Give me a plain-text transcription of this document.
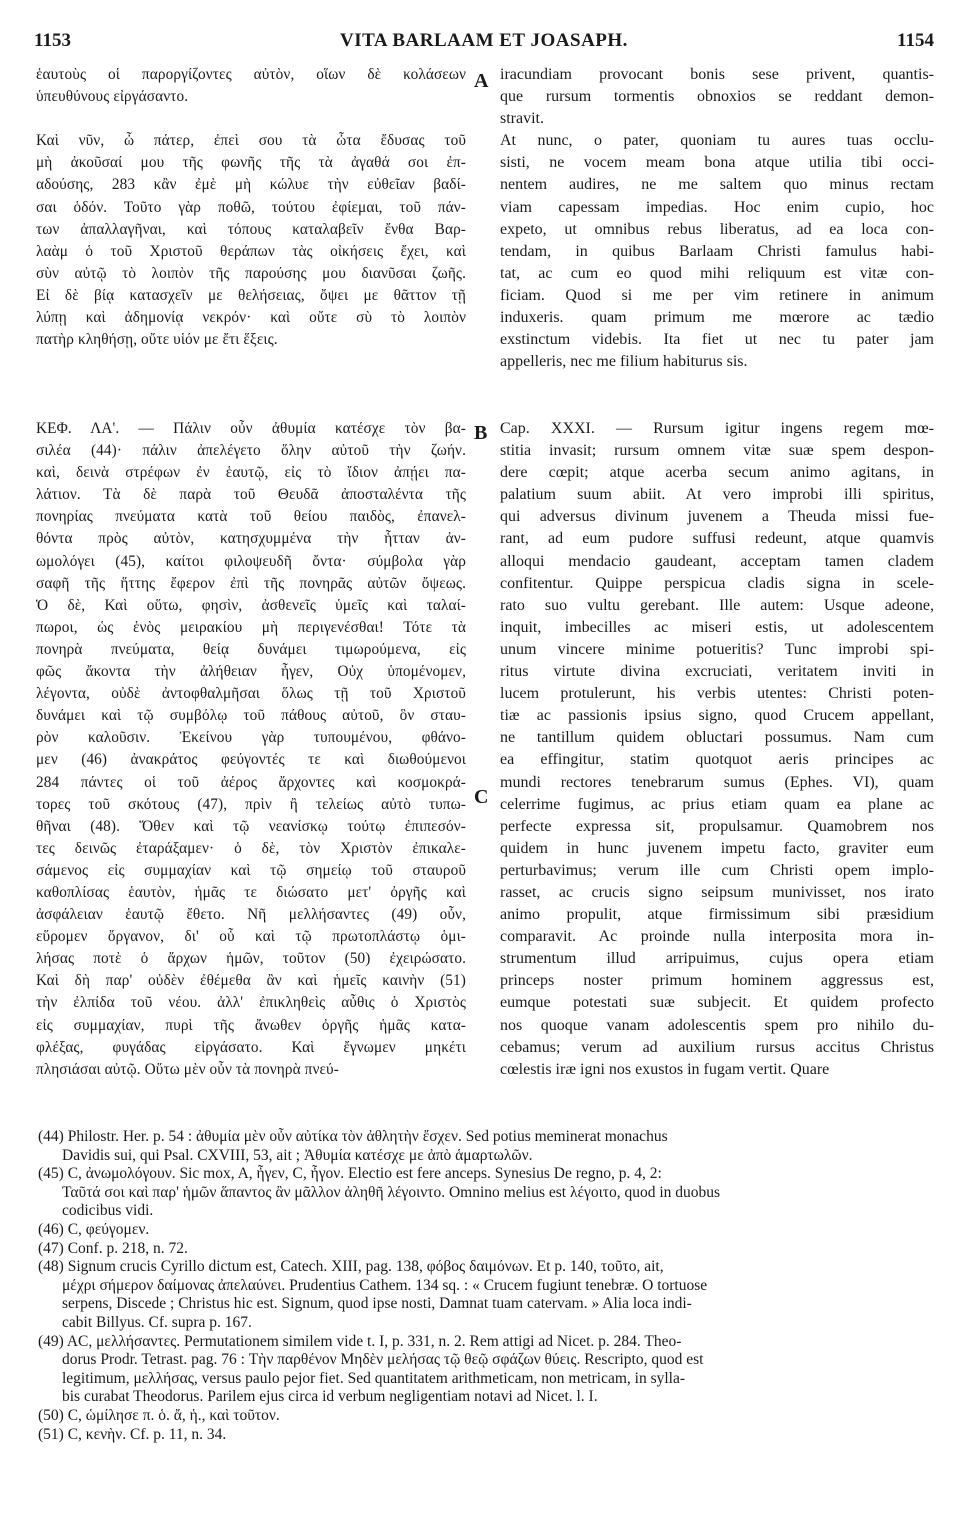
1153	VITA BARLAAM ET JOASAPH.	1154
A
B
C
ἑαυτοὺς οἱ παροργίζοντες αὐτὸν, οἵων δὲ κολάσεων
ὑπευθύνους εἰργάσαντο.
Καὶ νῦν, ὦ πάτερ, ἐπεὶ σου τὰ ὦτα ἔδυσας τοῦ
μὴ ἀκοῦσαί μου τῆς φωνῆς τῆς τὰ ἀγαθά σοι ἐπ-
αδούσης, 283 κἂν ἐμὲ μὴ κώλυε τὴν εὐθεῖαν βαδί-
σαι ὁδόν. Τοῦτο γὰρ ποθῶ, τούτου ἐφίεμαι, τοῦ πάν-
των ἀπαλλαγῆναι, καὶ τόπους καταλαβεῖν ἔνθα Βαρ-
λαὰμ ὁ τοῦ Χριστοῦ θεράπων τὰς οἰκήσεις ἔχει, καὶ
σὺν αὐτῷ τὸ λοιπὸν τῆς παρούσης μου διανῦσαι ζωῆς.
Εἰ δὲ βίᾳ κατασχεῖν με θελήσειας, ὄψει με θᾶττον τῇ
λύπῃ καὶ ἀδημονίᾳ νεκρόν· καὶ οὔτε σὺ τὸ λοιπὸν
πατὴρ κληθήσῃ, οὔτε υἱόν με ἔτι ἕξεις.
iracundiam provocant bonis sese privent, quantis-
que rursum tormentis obnoxios se reddant demon-
stravit.
At nunc, o pater, quoniam tu aures tuas occlu-
sisti, ne vocem meam bona atque utilia tibi occi-
nentem audires, ne me saltem quo minus rectam
viam capessam impedias. Hoc enim cupio, hoc
expeto, ut omnibus rebus liberatus, ad ea loca con-
tendam, in quibus Barlaam Christi famulus habi-
tat, ac cum eo quod mihi reliquum est vitæ con-
ficiam. Quod si me per vim retinere in animum
induxeris. quam primum me mœrore ac tædio
exstinctum videbis. Ita fiet ut nec tu pater jam
appelleris, nec me filium habiturus sis.
ΚΕΦ. ΛΑ'. — Πάλιν οὖν ἀθυμία κατέσχε τὸν βα-
σιλέα (44)· πάλιν ἀπελέγετο ὅλην αὐτοῦ τὴν ζωήν.
καὶ, δεινὰ στρέφων ἐν ἑαυτῷ, εἰς τὸ ἴδιον ἀπῄει πα-
λάτιον. Τὰ δὲ παρὰ τοῦ Θευδᾶ ἀποσταλέντα τῆς
πονηρίας πνεύματα κατὰ τοῦ θείου παιδὸς, ἐπανελ-
θόντα πρὸς αὐτὸν, κατησχυμμένα τὴν ἧτταν ἀν-
ωμολόγει (45), καίτοι φιλοψευδῆ ὄντα· σύμβολα γὰρ
σαφῆ τῆς ἥττης ἔφερον ἐπὶ τῆς πονηρᾶς αὐτῶν ὄψεως.
Ὁ δὲ, Καὶ οὕτω, φησὶν, ἀσθενεῖς ὑμεῖς καὶ ταλαί-
πωροι, ὡς ἑνὸς μειρακίου μὴ περιγενέσθαι! Τότε τὰ
πονηρὰ πνεύματα, θείᾳ δυνάμει τιμωρούμενα, εἰς
φῶς ἄκοντα τὴν ἀλήθειαν ἦγεν, Οὐχ ὑπομένομεν,
λέγοντα, οὐδὲ ἀντοφθαλμῆσαι ὅλως τῇ τοῦ Χριστοῦ
δυνάμει καὶ τῷ συμβόλῳ τοῦ πάθους αὐτοῦ, ὃν σταυ-
ρὸν καλοῦσιν. Ἐκείνου γὰρ τυπουμένου, φθάνο-
μεν (46) ἀνακράτος φεύγοντές τε καὶ διωθούμενοι
284 πάντες οἱ τοῦ ἀέρος ἄρχοντες καὶ κοσμοκρά-
τορες τοῦ σκότους (47), πρὶν ἢ τελείως αὐτὸ τυπω-
θῆναι (48). Ὅθεν καὶ τῷ νεανίσκῳ τούτῳ ἐπιπεσόν-
τες δεινῶς ἐταράξαμεν· ὁ δὲ, τὸν Χριστὸν ἐπικαλε-
σάμενος εἰς συμμαχίαν καὶ τῷ σημείῳ τοῦ σταυροῦ
καθοπλίσας ἑαυτὸν, ἡμᾶς τε διώσατο μετ' ὀργῆς καὶ
ἀσφάλειαν ἑαυτῷ ἔθετο. Νῆ μελλήσαντες (49) οὖν,
εὕρομεν ὄργανον, δι' οὗ καὶ τῷ πρωτοπλάστῳ ὁμι-
λήσας ποτὲ ὁ ἄρχων ἡμῶν, τοῦτον (50) ἐχειρώσατο.
Καὶ δὴ παρ' οὐδὲν ἐθέμεθα ἂν καὶ ἡμεῖς καινὴν (51)
τὴν ἐλπίδα τοῦ νέου. ἀλλ' ἐπικληθεὶς αὖθις ὁ Χριστὸς
εἰς συμμαχίαν, πυρὶ τῆς ἄνωθεν ὀργῆς ἡμᾶς κατα-
φλέξας, φυγάδας εἰργάσατο. Καὶ ἔγνωμεν μηκέτι
πλησιάσαι αὐτῷ. Οὕτω μὲν οὖν τὰ πονηρὰ πνεύ-
Cap. XXXI. — Rursum igitur ingens regem mœ-
stitia invasit; rursum omnem vitæ suæ spem despon-
dere cœpit; atque acerba secum animo agitans, in
palatium suum abiit. At vero improbi illi spiritus,
qui adversus divinum juvenem a Theuda missi fue-
rant, ad eum pudore suffusi redeunt, atque quamvis
alloqui mendacio gaudeant, acceptam tamen cladem
confitentur. Quippe perspicua cladis signa in scele-
rato suo vultu gerebant. Ille autem: Usque adeone,
inquit, imbecilles ac miseri estis, ut adolescentem
unum vincere minime potueritis? Tunc improbi spi-
ritus virtute divina excruciati, veritatem inviti in
lucem protulerunt, his verbis utentes: Christi poten-
tiæ ac passionis ipsius signo, quod Crucem appellant,
ne tantillum quidem obluctari possumus. Nam cum
ea effingitur, statim quotquot aeris principes ac
mundi rectores tenebrarum sumus (Ephes. VI), quam
celerrime fugimus, ac prius etiam quam ea plane ac
perfecte expressa sit, propulsamur. Quamobrem nos
quidem in hunc juvenem impetu facto, graviter eum
perturbavimus; verum ille cum Christi opem implo-
rasset, ac crucis signo seipsum munivisset, nos irato
animo propulit, atque firmissimum sibi præsidium
comparavit. Ac proinde nulla interposita mora in-
strumentum illud arripuimus, cujus opera etiam
princeps noster primum hominem aggressus est,
eumque potestati suæ subjecit. Et quidem profecto
nos quoque vanam adolescentis spem pro nihilo du-
cebamus; verum ad auxilium rursus accitus Christus
cœlestis iræ igni nos exustos in fugam vertit. Quare
(44) Philostr. Her. p. 54 : ἀθυμία μὲν οὖν αὐτίκα τὸν ἀθλητὴν ἔσχεν. Sed potius meminerat monachus
Davidis sui, qui Psal. CXVIII, 53, ait ; Ἀθυμία κατέσχε με ἀπὸ ἁμαρτωλῶν.
(45) C, ἀνωμολόγουν. Sic mox, A, ἦγεν, C, ἦγον. Electio est fere anceps. Synesius De regno, p. 4, 2:
Ταῦτά σοι καὶ παρ' ἡμῶν ἅπαντος ἂν μᾶλλον ἀληθῆ λέγοιντο. Omnino melius est λέγοιτο, quod in duobus
codicibus vidi.
(46) C, φεύγομεν.
(47) Conf. p. 218, n. 72.
(48) Signum crucis Cyrillo dictum est, Catech. XIII, pag. 138, φόβος δαιμόνων. Et p. 140, τοῦτο, ait,
μέχρι σήμερον δαίμονας ἀπελαύνει. Prudentius Cathem. 134 sq. : « Crucem fugiunt tenebræ. O tortuose
serpens, Discede ; Christus hic est. Signum, quod ipse nosti, Damnat tuam catervam. » Alia loca indi-
cabit Billyus. Cf. supra p. 167.
(49) AC, μελλήσαντες. Permutationem similem vide t. I, p. 331, n. 2. Rem attigi ad Nicet. p. 284. Theo-
dorus Prodr. Tetrast. pag. 76 : Τὴν παρθένον Μηδὲν μελήσας τῷ θεῷ σφάζων θύεις. Rescripto, quod est
legitimum, μελλήσας, versus paulo pejor fiet. Sed quantitatem arithmeticam, non metricam, in sylla-
bis curabat Theodorus. Parilem ejus circa id verbum negligentiam notavi ad Nicet. l. I.
(50) C, ὡμίλησε π. ὁ. ἄ, ἡ., καὶ τοῦτον.
(51) C, κενὴν. Cf. p. 11, n. 34.
